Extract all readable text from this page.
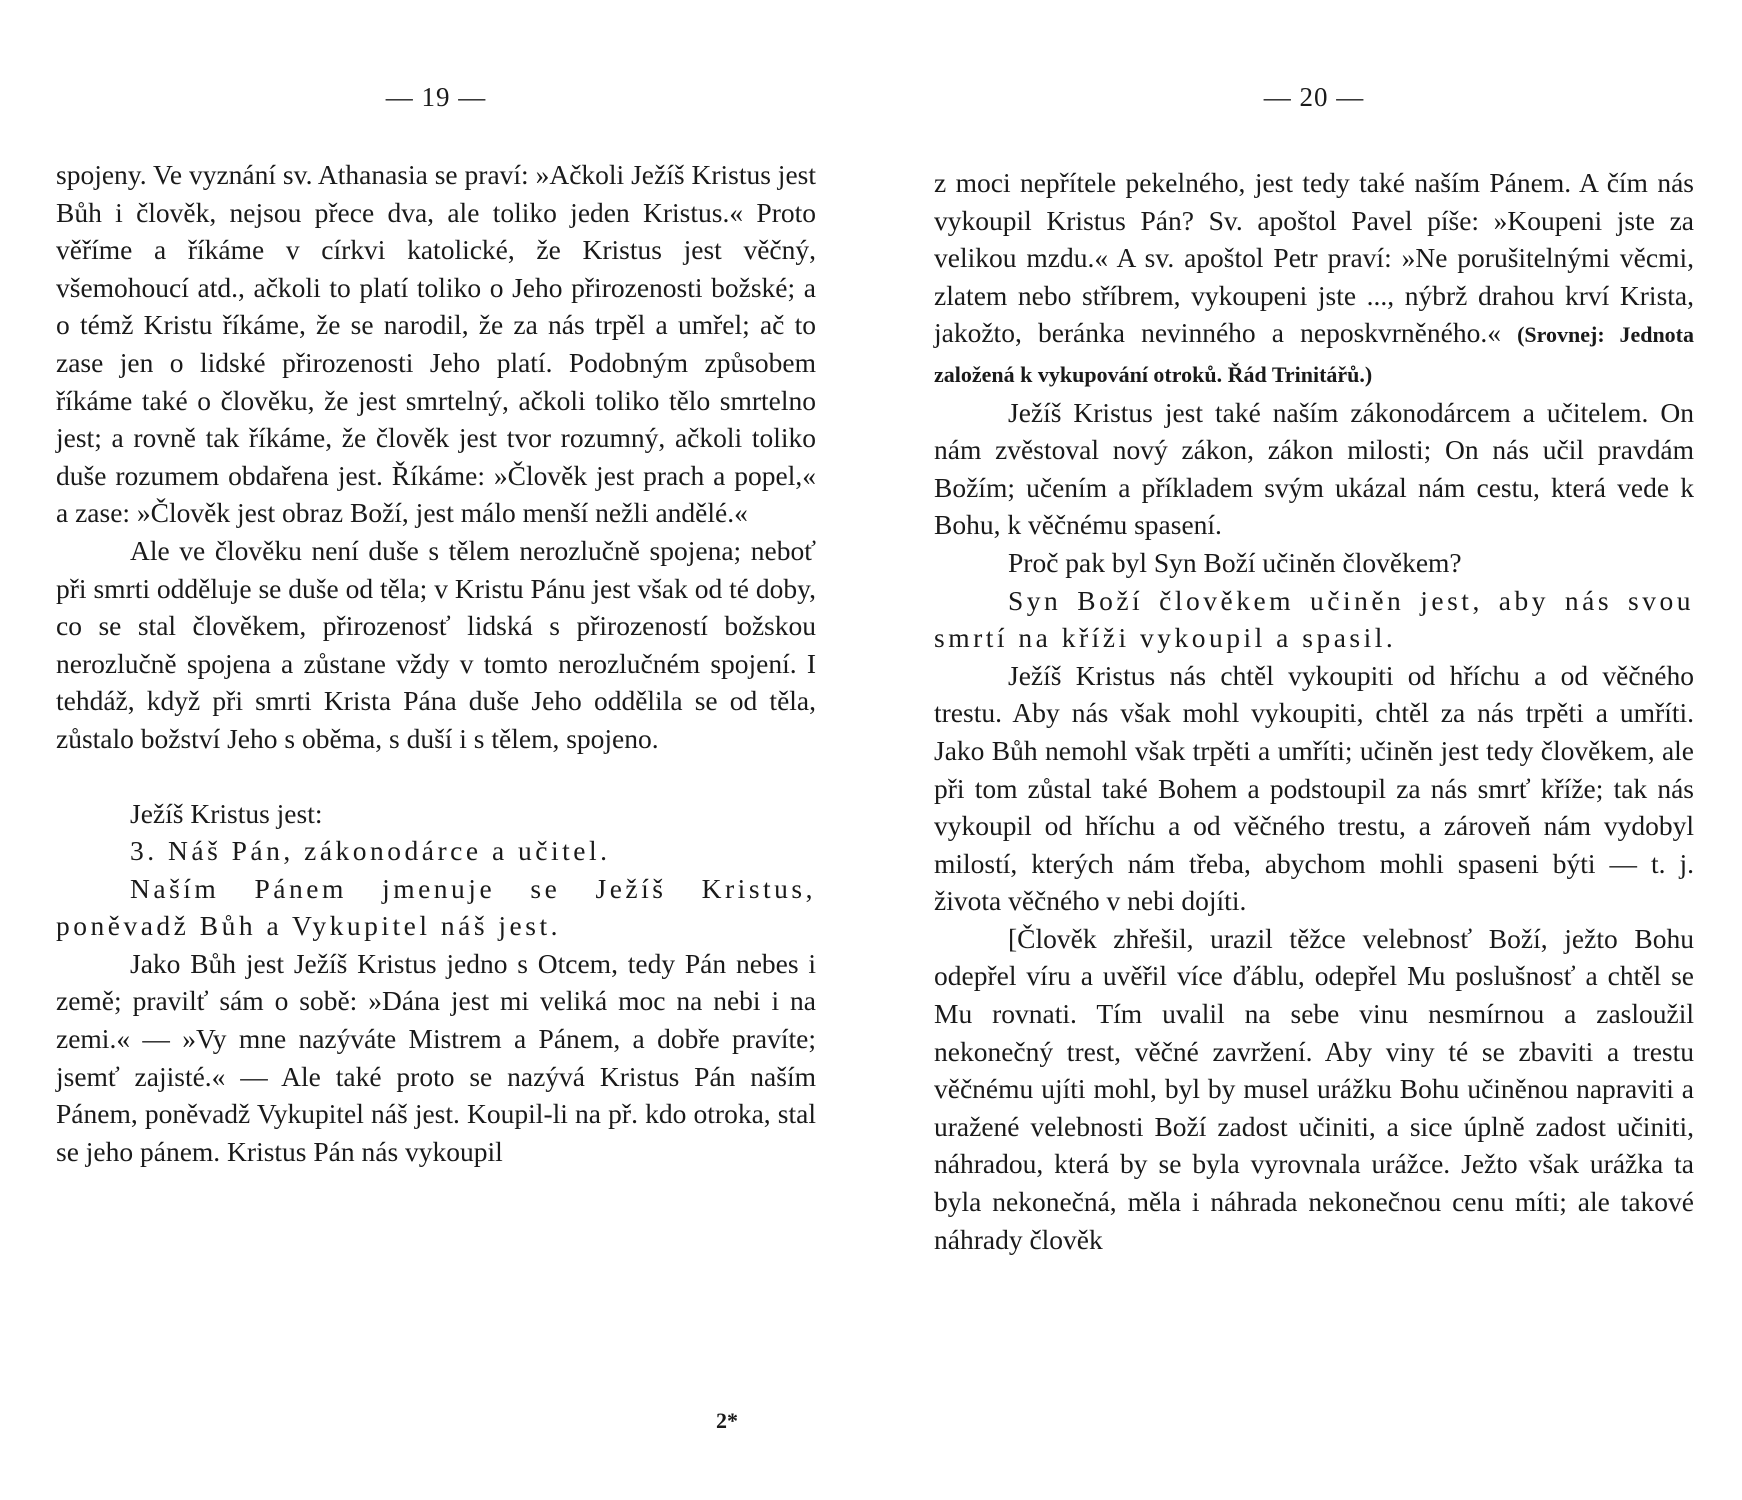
— 19 —

spojeny. Ve vyznání sv. Athanasia se praví: »Ačkoli Ježíš Kristus jest Bůh i člověk, nejsou přece dva, ale toliko jeden Kristus.« Proto věříme a říkáme v církvi katolické, že Kristus jest věčný, všemohoucí atd., ačkoli to platí toliko o Jeho přirozenosti božské; a o témž Kristu říkáme, že se narodil, že za nás trpěl a umřel; ač to zase jen o lidské přirozenosti Jeho platí. Podobným způsobem říkáme také o člověku, že jest smrtelný, ačkoli toliko tělo smrtelno jest; a rovně tak říkáme, že člověk jest tvor rozumný, ačkoli toliko duše rozumem obdařena jest. Říkáme: »Člověk jest prach a popel,« a zase: »Člověk jest obraz Boží, jest málo menší nežli andělé.«

Ale ve člověku není duše s tělem nerozlučně spojena; neboť při smrti odděluje se duše od těla; v Kristu Pánu jest však od té doby, co se stal člověkem, přirozenosť lidská s přirozeností božskou nerozlučně spojena a zůstane vždy v tomto nerozlučném spojení. I tehdáž, když při smrti Krista Pána duše Jeho oddělila se od těla, zůstalo božství Jeho s oběma, s duší i s tělem, spojeno.

Ježíš Kristus jest:

3. Náš Pán, zákonodárce a učitel.

Naším Pánem jmenuje se Ježíš Kristus, poněvadž Bůh a Vykupitel náš jest.

Jako Bůh jest Ježíš Kristus jedno s Otcem, tedy Pán nebes i země; pravilť sám o sobě: »Dána jest mi veliká moc na nebi i na zemi.« — »Vy mne nazýváte Mistrem a Pánem, a dobře pravíte; jsemť zajisté.« — Ale také proto se nazývá Kristus Pán naším Pánem, poněvadž Vykupitel náš jest. Koupil-li na př. kdo otroka, stal se jeho pánem. Kristus Pán nás vykoupil

2*
— 20 —

z moci nepřítele pekelného, jest tedy také naším Pánem. A čím nás vykoupil Kristus Pán? Sv. apoštol Pavel píše: »Koupeni jste za velikou mzdu.« A sv. apoštol Petr praví: »Ne porušitelnými věcmi, zlatem nebo stříbrem, vykoupeni jste ..., nýbrž drahou krví Krista, jakožto, beránka nevinného a neposkvrněného.« (Srovnej: Jednota založená k vykupování otroků. Řád Trinitářů.)

Ježíš Kristus jest také naším zákonodárcem a učitelem. On nám zvěstoval nový zákon, zákon milosti; On nás učil pravdám Božím; učením a příkladem svým ukázal nám cestu, která vede k Bohu, k věčnému spasení.

Proč pak byl Syn Boží učiněn člověkem?

Syn Boží člověkem učiněn jest, aby nás svou smrtí na kříži vykoupil a spasil.

Ježíš Kristus nás chtěl vykoupiti od hříchu a od věčného trestu. Aby nás však mohl vykoupiti, chtěl za nás trpěti a umříti. Jako Bůh nemohl však trpěti a umříti; učiněn jest tedy člověkem, ale při tom zůstal také Bohem a podstoupil za nás smrť kříže; tak nás vykoupil od hříchu a od věčného trestu, a zároveň nám vydobyl milostí, kterých nám třeba, abychom mohli spaseni býti — t. j. života věčného v nebi dojíti.

[Člověk zhřešil, urazil těžce velebnosť Boží, ježto Bohu odepřel víru a uvěřil více ďáblu, odepřel Mu poslušnosť a chtěl se Mu rovnati. Tím uvalil na sebe vinu nesmírnou a zasloužil nekonečný trest, věčné zavržení. Aby viny té se zbaviti a trestu věčnému ujíti mohl, byl by musel urážku Bohu učiněnou napraviti a uražené velebnosti Boží zadost učiniti, a sice úplně zadost učiniti, náhradou, která by se byla vyrovnala urážce. Ježto však urážka ta byla nekonečná, měla i náhrada nekonečnou cenu míti; ale takové náhrady člověk
